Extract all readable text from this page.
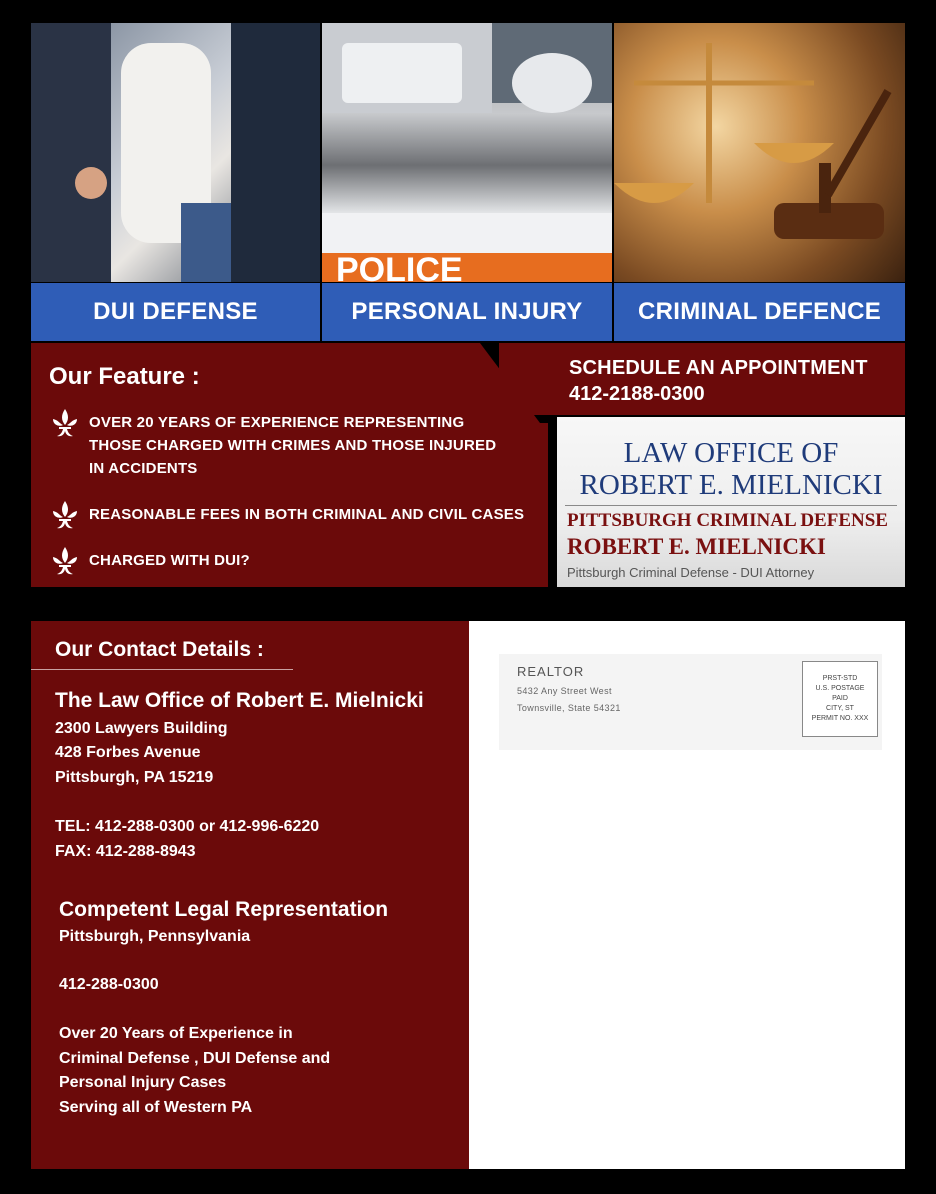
POLICE
DUI DEFENSE	PERSONAL INJURY	CRIMINAL DEFENCE
Our Feature :
OVER 20 YEARS OF EXPERIENCE REPRESENTING
THOSE CHARGED WITH CRIMES AND THOSE INJURED
IN ACCIDENTS
REASONABLE FEES IN BOTH CRIMINAL AND CIVIL CASES
CHARGED WITH DUI?
SCHEDULE AN APPOINTMENT
412-2188-0300
LAW OFFICE OF
ROBERT E. MIELNICKI
PITTSBURGH CRIMINAL DEFENSE
ROBERT E. MIELNICKI
Pittsburgh Criminal Defense - DUI Attorney
Our Contact Details :
The Law Office of Robert E. Mielnicki
2300 Lawyers Building
428 Forbes Avenue
Pittsburgh, PA 15219
TEL: 412-288-0300 or 412-996-6220
FAX: 412-288-8943
Competent Legal Representation
Pittsburgh, Pennsylvania
412-288-0300
Over 20 Years of Experience in
Criminal Defense , DUI Defense and
Personal Injury Cases
Serving all of Western PA
REALTOR
5432 Any Street West
Townsville, State 54321
PRST-STD
U.S. POSTAGE
PAID
CITY, ST
PERMIT NO. XXX
